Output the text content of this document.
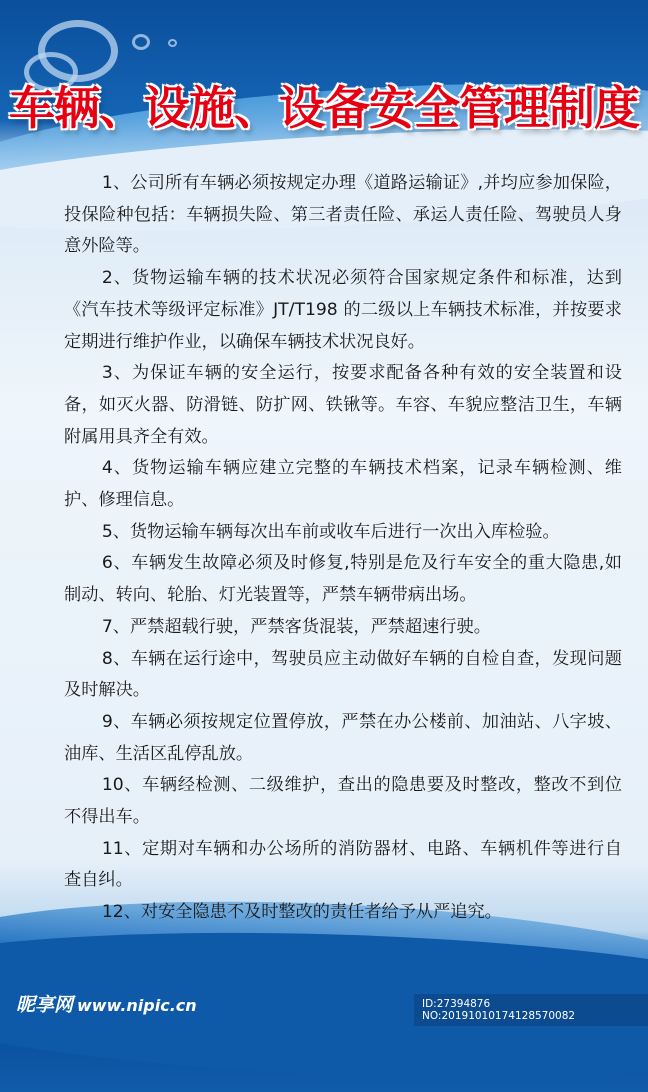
车辆、设施、设备安全管理制度

1、公司所有车辆必须按规定办理《道路运输证》,并均应参加保险，投保险种包括：车辆损失险、第三者责任险、承运人责任险、驾驶员人身意外险等。

2、货物运输车辆的技术状况必须符合国家规定条件和标准，达到《汽车技术等级评定标准》JT/T198 的二级以上车辆技术标准，并按要求定期进行维护作业，以确保车辆技术状况良好。

3、为保证车辆的安全运行，按要求配备各种有效的安全装置和设备，如灭火器、防滑链、防扩网、铁锹等。车容、车貌应整洁卫生，车辆附属用具齐全有效。

4、货物运输车辆应建立完整的车辆技术档案，记录车辆检测、维护、修理信息。

5、货物运输车辆每次出车前或收车后进行一次出入库检验。

6、车辆发生故障必须及时修复,特别是危及行车安全的重大隐患,如制动、转向、轮胎、灯光装置等，严禁车辆带病出场。

7、严禁超载行驶，严禁客货混装，严禁超速行驶。

8、车辆在运行途中，驾驶员应主动做好车辆的自检自查，发现问题及时解决。

9、车辆必须按规定位置停放，严禁在办公楼前、加油站、八字坡、油库、生活区乱停乱放。

10、车辆经检测、二级维护，查出的隐患要及时整改，整改不到位不得出车。

11、定期对车辆和办公场所的消防器材、电路、车辆机件等进行自查自纠。

12、对安全隐患不及时整改的责任者给予从严追究。

昵享网 www.nipic.cn	ID:27394876 NO:20191010174128570082
